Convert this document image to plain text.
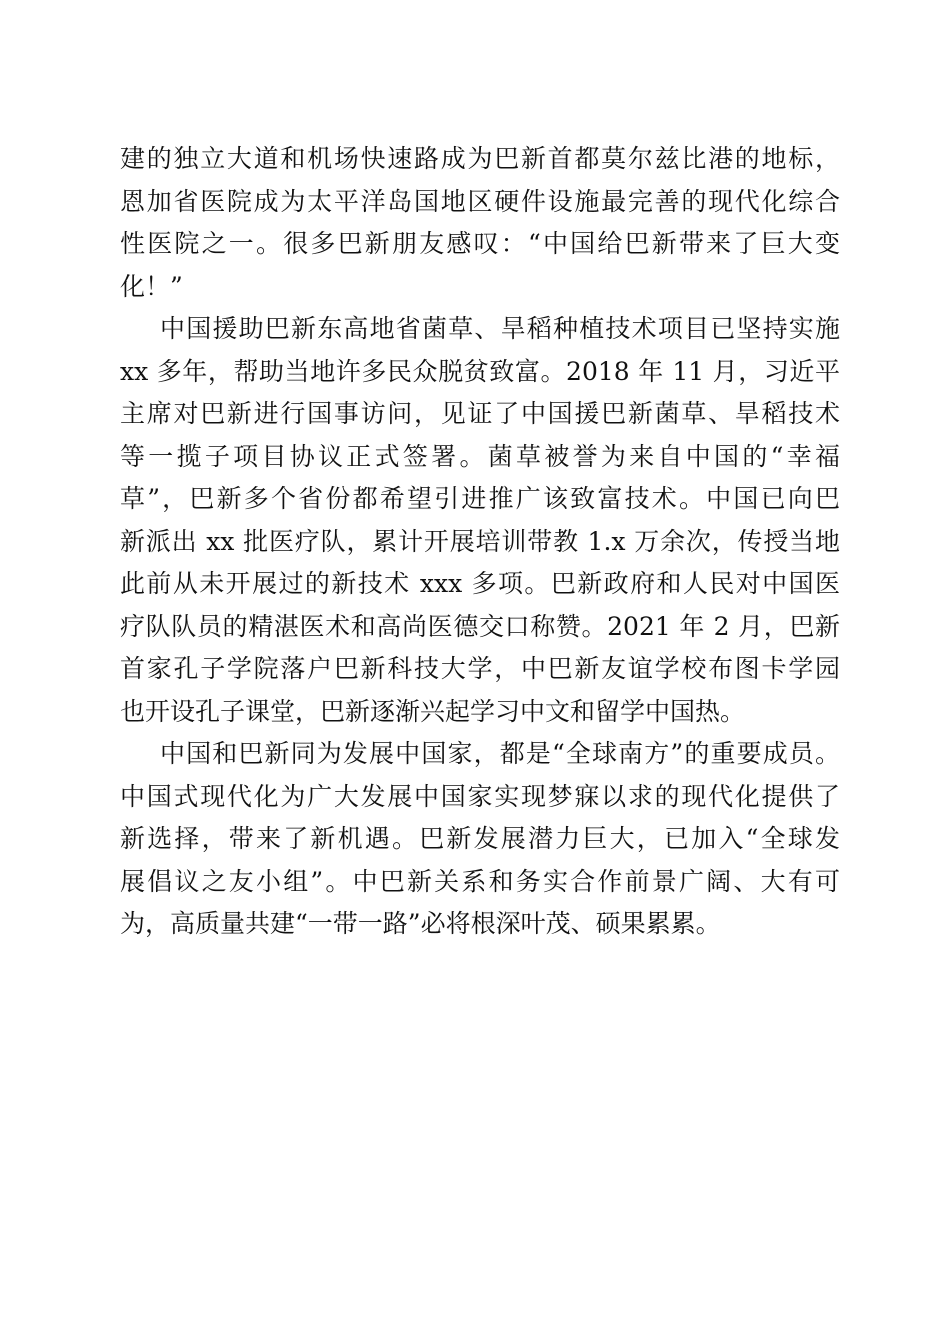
建的独立大道和机场快速路成为巴新首都莫尔兹比港的地标，
恩加省医院成为太平洋岛国地区硬件设施最完善的现代化综合
性医院之一。很多巴新朋友感叹：“中国给巴新带来了巨大变
化！”
中国援助巴新东高地省菌草、旱稻种植技术项目已坚持实施
xx 多年，帮助当地许多民众脱贫致富。2018 年 11 月，习近平
主席对巴新进行国事访问，见证了中国援巴新菌草、旱稻技术
等一揽子项目协议正式签署。菌草被誉为来自中国的“幸福
草”，巴新多个省份都希望引进推广该致富技术。中国已向巴
新派出 xx 批医疗队，累计开展培训带教 1.x 万余次，传授当地
此前从未开展过的新技术 xxx 多项。巴新政府和人民对中国医
疗队队员的精湛医术和高尚医德交口称赞。2021 年 2 月，巴新
首家孔子学院落户巴新科技大学，中巴新友谊学校布图卡学园
也开设孔子课堂，巴新逐渐兴起学习中文和留学中国热。
中国和巴新同为发展中国家，都是“全球南方”的重要成员。
中国式现代化为广大发展中国家实现梦寐以求的现代化提供了
新选择，带来了新机遇。巴新发展潜力巨大，已加入“全球发
展倡议之友小组”。中巴新关系和务实合作前景广阔、大有可
为，高质量共建“一带一路”必将根深叶茂、硕果累累。
